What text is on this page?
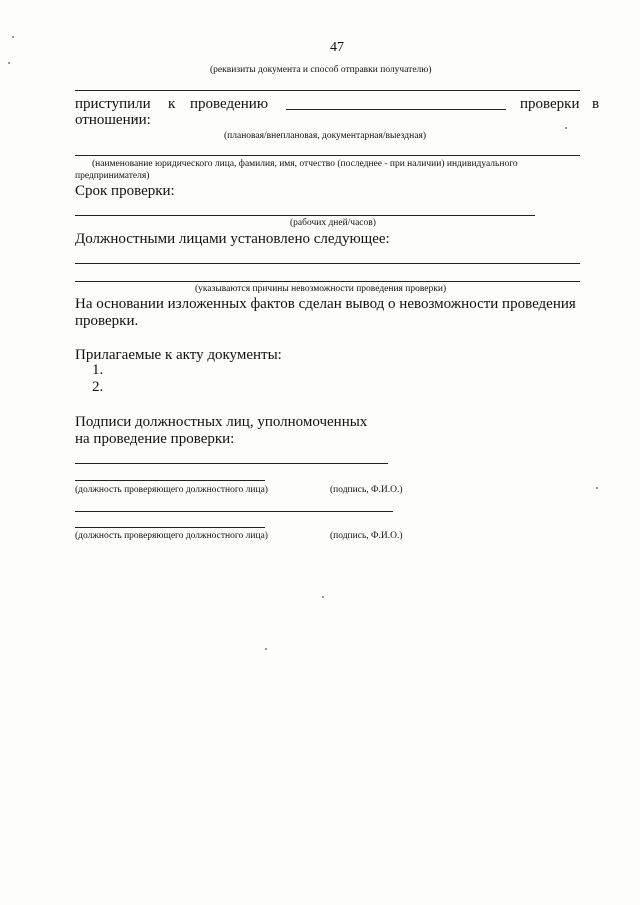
47
(реквизиты документа и способ отправки получателю)
приступили к проведению	проверки в
отношении:
(плановая/внеплановая, документарная/выездная)
(наименование юридического лица, фамилия, имя, отчество (последнее - при наличии) индивидуального
предпринимателя)
Срок проверки:
(рабочих дней/часов)
Должностными лицами установлено следующее:
(указываются причины невозможности проведения проверки)
На основании изложенных фактов сделан вывод о невозможности проведения
проверки.
Прилагаемые к акту документы:
1.
2.
Подписи должностных лиц, уполномоченных
на проведение проверки:
(должность проверяющего должностного лица)	(подпись, Ф.И.О.)
(должность проверяющего должностного лица)	(подпись, Ф.И.О.)
